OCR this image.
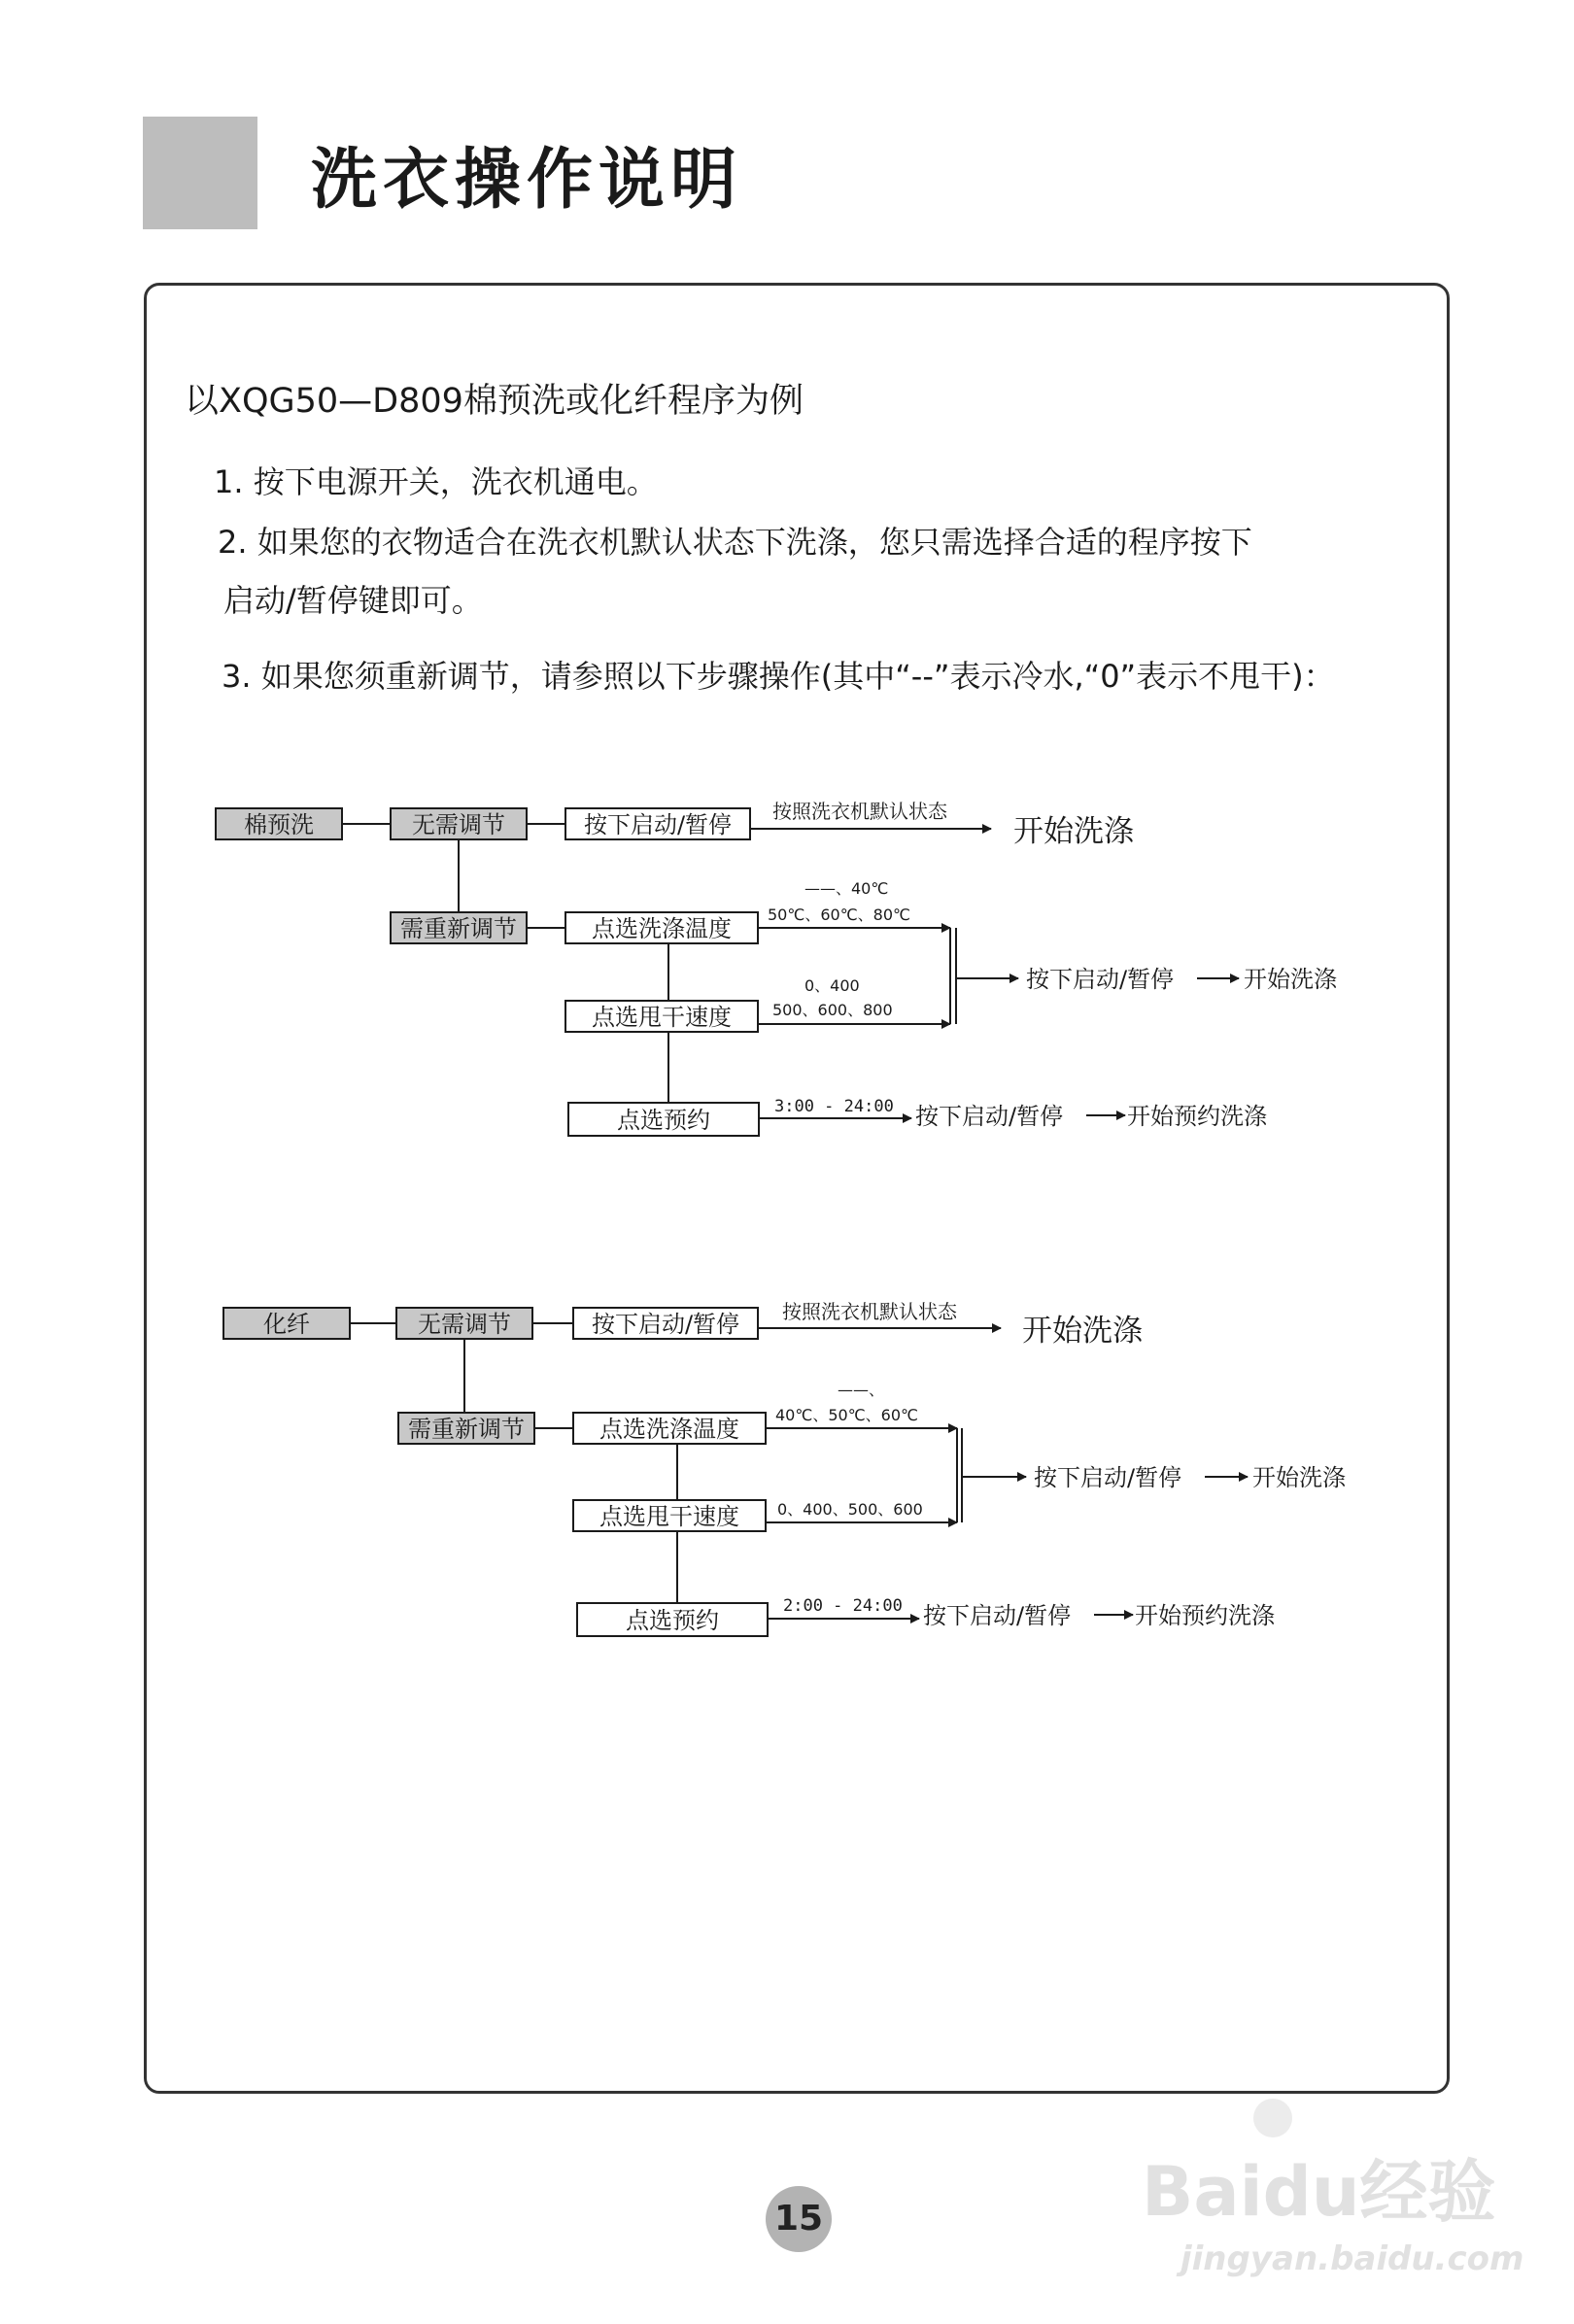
洗衣操作说明
以XQG50—D809棉预洗或化纤程序为例
1. 按下电源开关，洗衣机通电。
2. 如果您的衣物适合在洗衣机默认状态下洗涤，您只需选择合适的程序按下
启动/暂停键即可。
3. 如果您须重新调节，请参照以下步骤操作(其中“--”表示冷水,“0”表示不甩干)：
棉预洗	无需调节	按下启动/暂停 按照洗衣机默认状态
开始洗涤
需重新调节	点选洗涤温度
——、40℃
50℃、60℃、80℃
点选甩干速度
0、400
500、600、800
按下启动/暂停	开始洗涤
点选预约	3:00 - 24:00 按下启动/暂停	开始预约洗涤
化纤	无需调节	按下启动/暂停 按照洗衣机默认状态
开始洗涤
需重新调节	点选洗涤温度
——、
40℃、50℃、60℃
点选甩干速度 0、400、500、600
按下启动/暂停	开始洗涤
点选预约
2:00 - 24:00 按下启动/暂停	开始预约洗涤
15	Baidu经验
jingyan.baidu.com
